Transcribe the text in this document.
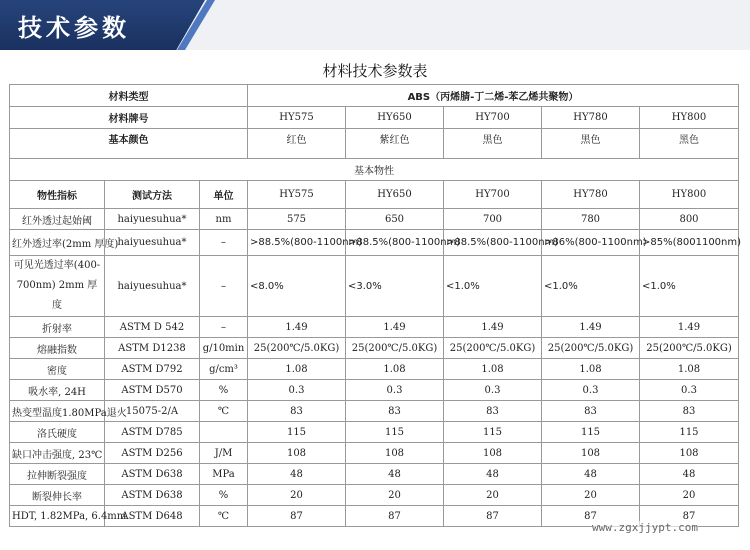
技术参数
材料技术参数表
材料类型			ABS（丙烯腈-丁二烯-苯乙烯共聚物）				
材料牌号			HY575	HY650	HY700	HY780	HY800
基本颜色			红色	紫红色	黑色	黑色	黑色
基本物性							
物性指标	测试方法	单位	HY575	HY650	HY700	HY780	HY800
红外透过起始阈	haiyuesuhua*	nm	575	650	700	780	800
红外透过率(2mm 厚度)	haiyuesuhua*	–	>88.5%(800-1100nm)	>88.5%(800-1100nm)	>88.5%(800-1100nm)	>86%(800-1100nm)	>85%(8001100nm)
可见光透过率(400-700nm) 2mm 厚度	haiyuesuhua*	–	<8.0%	<3.0%	<1.0%	<1.0%	<1.0%
折射率	ASTM D 542	–	1.49	1.49	1.49	1.49	1.49
熔融指数	ASTM D1238	g/10min	25(200℃/5.0KG)	25(200℃/5.0KG)	25(200℃/5.0KG)	25(200℃/5.0KG)	25(200℃/5.0KG)
密度	ASTM D792	g/cm³	1.08	1.08	1.08	1.08	1.08
吸水率, 24H	ASTM D570	%	0.3	0.3	0.3	0.3	0.3
热变型温度1.80MPa退火	15075-2/A	℃	83	83	83	83	83
洛氏硬度	ASTM D785		115	115	115	115	115
缺口冲击强度, 23℃	ASTM D256	J/M	108	108	108	108	108
拉伸断裂强度	ASTM D638	MPa	48	48	48	48	48
断裂伸长率	ASTM D638	%	20	20	20	20	20
HDT, 1.82MPa, 6.4mm	ASTM D648	℃	87	87	87	87	87
www.zgxjjypt.com
